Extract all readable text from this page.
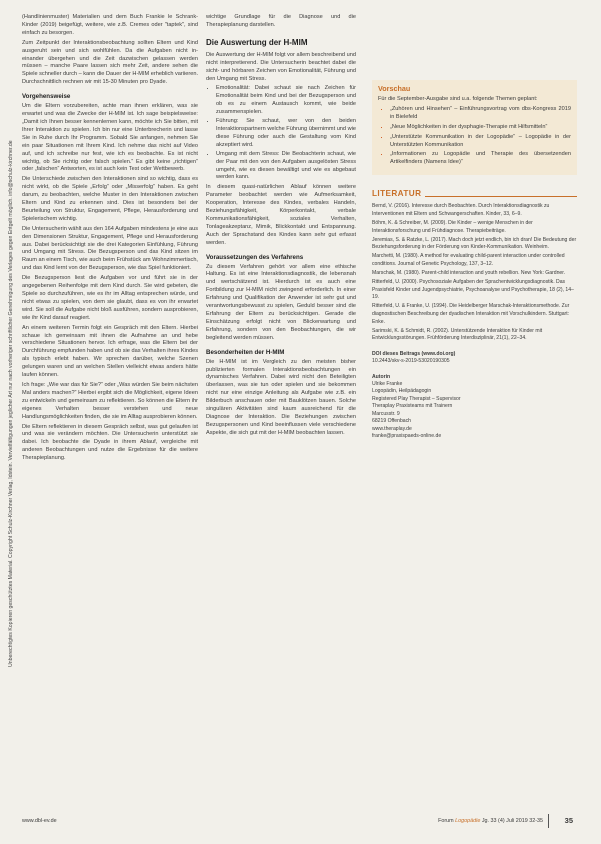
Unberechtigtes Kopieren geschütztes Material. Copyright Schulz-Kirchner Verlag, Idstein. Vervielfältigungen jeglicher Art nur nach vorheriger schriftlicher Genehmigung des Verlages gegen Entgelt möglich. info@schulz-kirchner.de

(Handlinienmuster) Materialien und dem Buch Frankie le Schrank-Kinder (2019) beigefügt, weitere, wie z.B. Cremes oder "taptek", sind einfach zu besorgen.

Zum Zeitpunkt der Interaktionsbeobachtung sollten Eltern und Kind ausgeruht sein und sich wohlfühlen. Da die Aufgaben nicht in- einander übergehen und die Zeit dazwischen gelassen werden müssen – manche Paare lassen sich mehr Zeit, andere sehen die Spiele schneller durch – kann die Dauer der H-MIM erheblich variieren. Durchschnittlich rechnen wir mit 15-30 Minuten pro Dyade.

Vorgehensweise

Um die Eltern vorzubereiten, achte man ihnen erklären, was sie erwartet und was die Zwecke der H-MIM ist. Ich sage beispielsweise: „Damit ich Ihnen besser kennenlernen kann, möchte ich Sie bitten, mit Ihrer Interaktion zu spielen. Ich bin nur eine Unterbrecherin und lasse Sie in Ruhe durch Ihr Programm. Sobald Sie anfangen, nehmen Sie ein paar Situationen mit Ihrem Kind. Ich nehme das nicht auf Video auf, und ich schreibe nur fest, wie ich es beobachte. Es ist nicht wichtig, ob Sie richtig oder falsch spielen.“ Es gibt keine „richtigen“ oder „falschen“ Antworten, es ist auch kein Test oder Wettbewerb.

Die Unterschiede zwischen den Interaktionen sind so wichtig, dass es nicht wirkt, ob die Spiele „Erfolg“ oder „Misserfolg“ haben. Es geht darum, zu beobachten, welche Muster in den Interaktionen zwischen Eltern und Kind zu erkennen sind. Dies ist besonders bei der Beurteilung von Struktur, Engagement, Pflege, Herausforderung und Spielerischem wichtig.

Die Untersucherin wählt aus den 164 Aufgaben mindestens je eine aus den Dimensionen Struktur, Engagement, Pflege und Herausforderung aus. Dabei berücksichtigt sie die drei Kategorien Einfühlung, Führung und Umgang mit Stress. Die Bezugsperson und das Kind sitzen im Raum an einem Tisch, wie auch beim Frühstück am Wohnzimmertisch, und das Kind lernt von der Bezugsperson, wie das Spiel funktioniert.

Die Bezugsperson liest die Aufgaben vor und führt sie in der angegebenen Reihenfolge mit dem Kind durch. Sie wird gebeten, die Spiele so durchzuführen, wie es ihr im Alltag entsprechen würde, und nicht etwas zu spielen, von dem sie glaubt, dass es von ihr erwartet wird. Sie soll die Aufgabe nicht bloß ausführen, sondern ausprobieren, wie ihr Kind darauf reagiert.

An einem weiteren Termin folgt ein Gespräch mit den Eltern. Hierbei schaue ich gemeinsam mit ihnen die Aufnahme an und hebe verschiedene Situationen hervor. Ich erfrage, was die Eltern bei der Durchführung empfunden haben und ob sie das Verhalten ihres Kindes als typisch erlebt haben. Wir sprechen darüber, welche Szenen gelungen waren und an welchen Stellen vielleicht etwas anders hätte laufen können.

Ich frage: „Wie war das für Sie?“ oder „Was würden Sie beim nächsten Mal anders machen?“ Hierbei ergibt sich die Möglichkeit, eigene Ideen zu entwickeln und gemeinsam zu reflektieren. So können die Eltern ihr eigenes Verhalten besser verstehen und neue Handlungsmöglichkeiten finden, die sie im Alltag ausprobieren können.

Die Eltern reflektieren in diesem Gespräch selbst, was gut gelaufen ist und was sie verändern möchten. Die Untersucherin unterstützt sie dabei. Ich beobachte die Dyade in ihrem Ablauf, vergleiche mit anderen Beobachtungen und nutze die Ergebnisse für die weitere Therapieplanung.

wichtige Grundlage für die Diagnose und die Therapieplanung darstellen.

Die Auswertung der H-MIM

Die Auswertung der H-MIM folgt vor allem beschreibend und nicht interpretierend. Die Untersucherin beachtet dabei die sicht- und hörbaren Zeichen von Emotionalität, Führung und den Umgang mit Stress.

• Emotionalität: Dabei schaut sie nach Zeichen für Emotionalität beim Kind und bei der Bezugsperson und ob es zu einem Austausch kommt, wie beide zusammenspielen.
• Führung: Sie schaut, wer von den beiden Interaktionspartnern welche Führung übernimmt und wie diese Führung oder auch die Gestaltung vom Kind akzeptiert wird.
• Umgang mit dem Stress: Die Beobachterin schaut, wie der Paar mit den von den Aufgaben ausgelösten Stress umgeht, wie es diesen bewältigt und wie es abgebaut werden kann.

In diesem quasi-natürlichen Ablauf können weitere Parameter beobachtet werden wie Aufmerksamkeit, Kooperation, Interesse des Kindes, verbales Handeln, Beziehungsfähigkeit, Körperkontakt, verbale Kommunikationsfähigkeit, soziales Verhalten, Tonlageakzeptanz, Mimik, Blickkontakt und Entspannung. Auch der Sprachstand des Kindes kann sehr gut erfasst werden.

Voraussetzungen des Verfahrens

Zu diesem Verfahren gehört vor allem eine ethische Haltung. Es ist eine Interaktionsdiagnostik, die lebensnah und wertschätzend ist. Hierdurch ist es auch eine Fortbildung zur H-MIM nicht zwingend erforderlich. In einer Erfahrung und Qualifikation der Anwender ist sehr gut und verantwortungsbewusst zu spielen, Geduld besser sind die Erfahrung der Eltern zu berücksichtigen. Gerade die Einschätzung erfolgt nicht von Blickerwartung und Erfahrung, sondern von den Beobachtungen, die wir begleitend werden müssen.

Besonderheiten der H-MIM

Die H-MIM ist im Vergleich zu den meisten bisher publizierten formalen Interaktionsbeobachtungen ein dynamisches Verfahren. Dabei wird nicht den Beteiligten überlassen, was sie tun oder spielen und sie bekommen nicht nur eine einzige Anleitung als Aufgabe wie z.B. ein Bilderbuch anschauen oder mit Bauklötzen bauen. Solche singulären Aktivitäten sind kaum ausreichend für die Diagnose der Interaktion. Die Beziehungen zwischen Bezugspersonen und Kind beeinflussen viele verschiedene Aspekte, die sich gut mit der H-MIM beobachten lassen.

Vorschau
Für die September-Ausgabe sind u.a. folgende Themen geplant:
▪ „Zuhören und Hinsehen“ – Einführungsvortrag vom dbs-Kongress 2019 in Bielefeld
▪ „Neue Möglichkeiten in der dysphagie-Therapie mit Hilfsmitteln“
▪ „Unterstützte Kommunikation in der Logopädie“ – Logopädie in der Unterstützten Kommunikation
▪ „Informationen zu Logopädie und Therapie des übersetzenden Artikelfinders (Namens Idee)“
LITERATUR
Bernd, V. (2016). Interesse durch Beobachten. Durch Interaktionsdiagnostik zu Interventionen mit Eltern und Schwangerschaften. Kinder, 33, 6–9.
Böhm, K. & Schreiber, M. (2009). Die Kinder – wenige Menschen in der Interaktionsforschung und Frühdiagnose. Therapiebeiträge.
Jeremias, S. & Ratzke, L. (2017). Mach doch jetzt endlich, bin ich dran! Die Bedeutung der Beziehungsforderung in der Förderung von Kinder-Kommunikation. Weinheim.
Marchetti, M. (1980). A method for evaluating child-parent interaction under controlled conditions. Journal of Genetic Psychology, 137, 3–12.
Marschak, M. (1980). Parent-child interaction and youth rebellion. New York: Gardner.
Ritterfeld, U. (2000). Psychosoziale Aufgaben der Sprachentwicklungsdiagnostik. Das Praxisfeld Kinder und Jugendpsychiatrie, Psychoanalyse und Psychotherapie, 18 (2), 14–19.
Ritterfeld, U. & Franke, U. (1994). Die Heidelberger Marschak-Interaktionsmethode. Zur diagnostischen Beschreibung der dyadischen Interaktion mit Vorschulkindern. Stuttgart: Enke.
Sarimski, K. & Schmidt, R. (2002). Unterstützende Interaktion für Kinder mit Entwicklungsstörungen. Frühförderung Interdisziplinär, 21(1), 22–34.
DOI dieses Beitrags (www.doi.org)
10.2443/skv-s-2019-53020190305
Autorin
Ulrike Franke
Logopädin, Heilpädagogin
Registered Play Therapist – Supervisor
Theraplay Praxisteams mit Trainern
Marcusstr. 9
68219 Offenbach
www.theraplay.de
franke@praxispaeds-online.de
www.dbl-ev.de	Forum Logopädie Jg. 33 (4) Juli 2019 32-35	35
